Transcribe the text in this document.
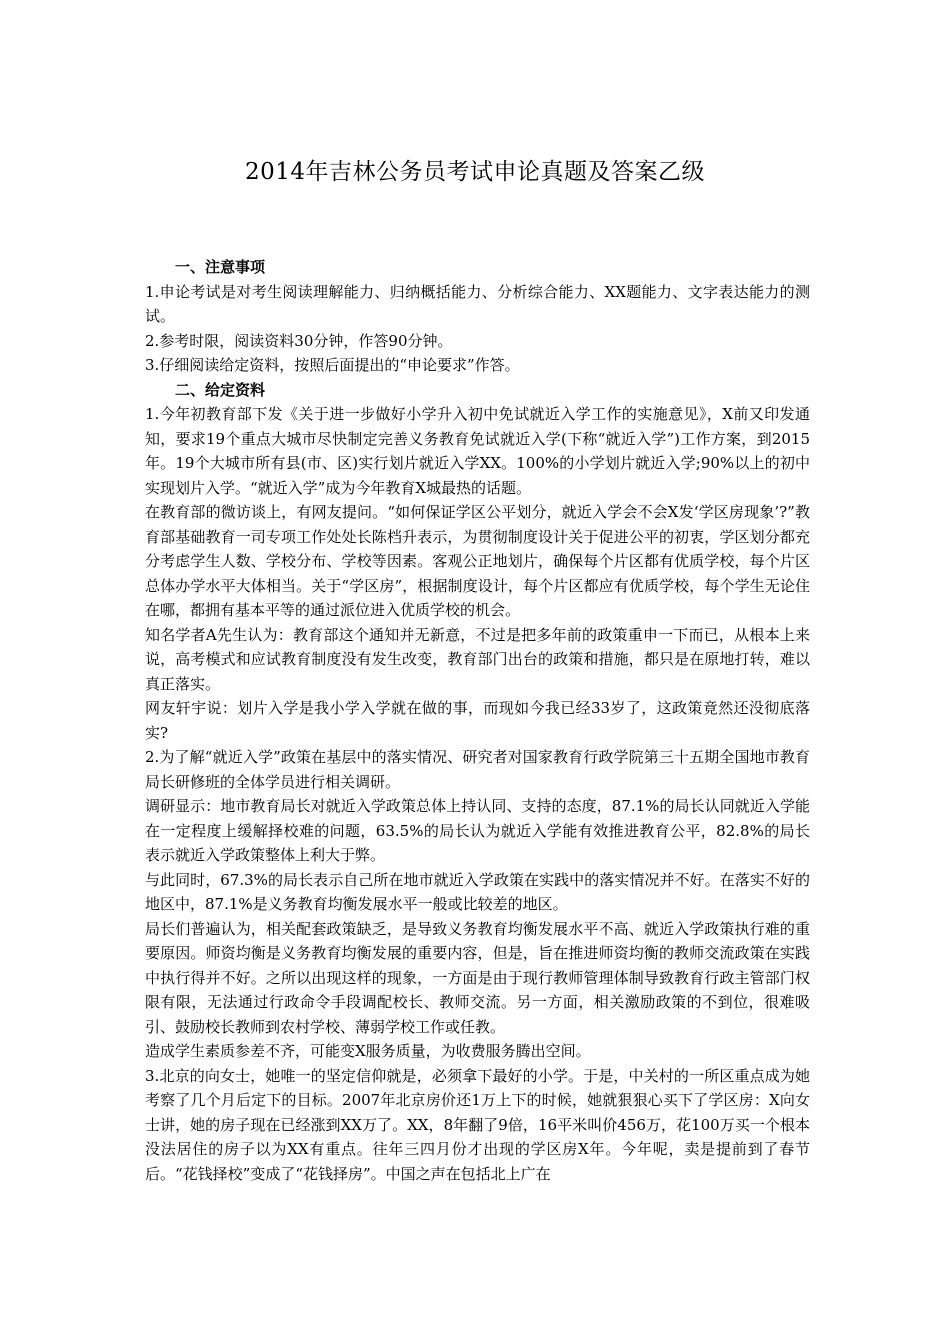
2014年吉林公务员考试申论真题及答案乙级
一、注意事项

1.申论考试是对考生阅读理解能力、归纳概括能力、分析综合能力、XX题能力、文字表达能力的测试。

2.参考时限，阅读资料30分钟，作答90分钟。

3.仔细阅读给定资料，按照后面提出的“申论要求”作答。

二、给定资料

1.今年初教育部下发《关于进一步做好小学升入初中免试就近入学工作的实施意见》，X前又印发通知，要求19个重点大城市尽快制定完善义务教育免试就近入学(下称“就近入学”)工作方案，到2015年。19个大城市所有县(市、区)实行划片就近入学XX。100%的小学划片就近入学;90%以上的初中实现划片入学。“就近入学”成为今年教育X城最热的话题。

在教育部的微访谈上，有网友提问。“如何保证学区公平划分，就近入学会不会X发‘学区房现象’?”教育部基础教育一司专项工作处处长陈档升表示，为贯彻制度设计关于促进公平的初衷，学区划分都充分考虑学生人数、学校分布、学校等因素。客观公正地划片，确保每个片区都有优质学校，每个片区总体办学水平大体相当。关于“学区房”，根据制度设计，每个片区都应有优质学校，每个学生无论住在哪，都拥有基本平等的通过派位进入优质学校的机会。

知名学者A先生认为：教育部这个通知并无新意，不过是把多年前的政策重申一下而已，从根本上来说，高考模式和应试教育制度没有发生改变，教育部门出台的政策和措施，都只是在原地打转，难以真正落实。

网友轩宇说：划片入学是我小学入学就在做的事，而现如今我已经33岁了，这政策竟然还没彻底落实?

2.为了解“就近入学”政策在基层中的落实情况、研究者对国家教育行政学院第三十五期全国地市教育局长研修班的全体学员进行相关调研。

调研显示：地市教育局长对就近入学政策总体上持认同、支持的态度，87.1%的局长认同就近入学能在一定程度上缓解择校难的问题，63.5%的局长认为就近入学能有效推进教育公平，82.8%的局长表示就近入学政策整体上利大于弊。

与此同时，67.3%的局长表示自己所在地市就近入学政策在实践中的落实情况并不好。在落实不好的地区中，87.1%是义务教育均衡发展水平一般或比较差的地区。

局长们普遍认为，相关配套政策缺乏，是导致义务教育均衡发展水平不高、就近入学政策执行难的重要原因。师资均衡是义务教育均衡发展的重要内容，但是，旨在推进师资均衡的教师交流政策在实践中执行得并不好。之所以出现这样的现象，一方面是由于现行教师管理体制导致教育行政主管部门权限有限，无法通过行政命令手段调配校长、教师交流。另一方面，相关激励政策的不到位，很难吸引、鼓励校长教师到农村学校、薄弱学校工作或任教。

造成学生素质参差不齐，可能变X服务质量，为收费服务腾出空间。

3.北京的向女士，她唯一的坚定信仰就是，必须拿下最好的小学。于是，中关村的一所区重点成为她考察了几个月后定下的目标。2007年北京房价还1万上下的时候，她就狠狠心买下了学区房：X向女士讲，她的房子现在已经涨到XX万了。XX，8年翻了9倍，16平米叫价456万，花100万买一个根本没法居住的房子以为XX有重点。往年三四月份才出现的学区房X年。今年呢，卖是提前到了春节后。“花钱择校”变成了“花钱择房”。中国之声在包括北上广在
